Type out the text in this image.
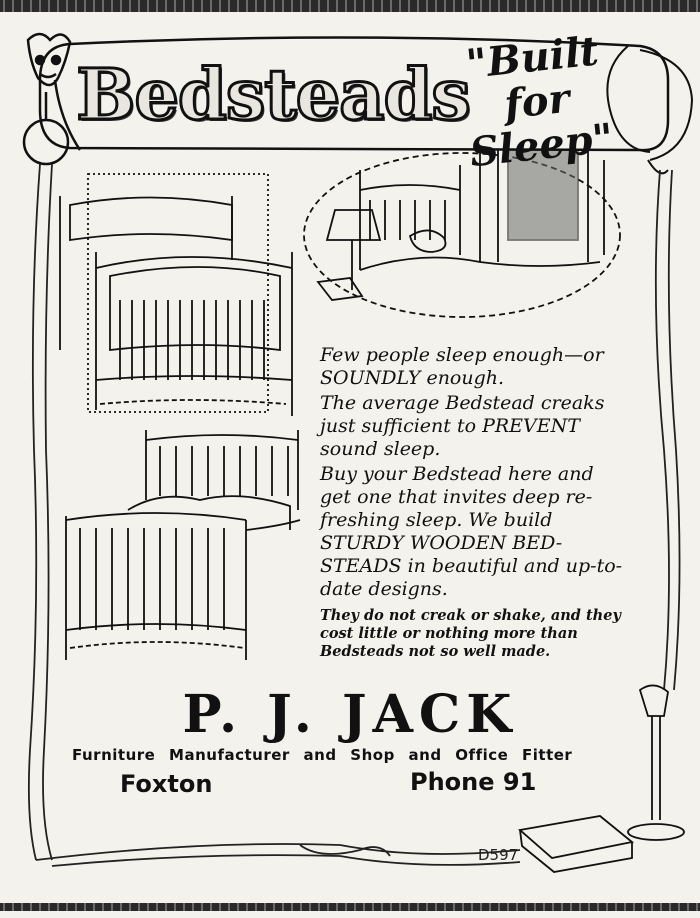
Bedsteads
"Built for
Sleep"

Few people sleep enough—or SOUNDLY enough.

The average Bedstead creaks just sufficient to PREVENT sound sleep.

Buy your Bedstead here and get one that invites deep re-freshing sleep. We build STURDY WOODEN BED-STEADS in beautiful and up-to-date designs.

They do not creak or shake, and they cost little or nothing more than Bedsteads not so well made.

P. J. JACK
Furniture Manufacturer and Shop and Office Fitter
Foxton	Phone 91
D597
